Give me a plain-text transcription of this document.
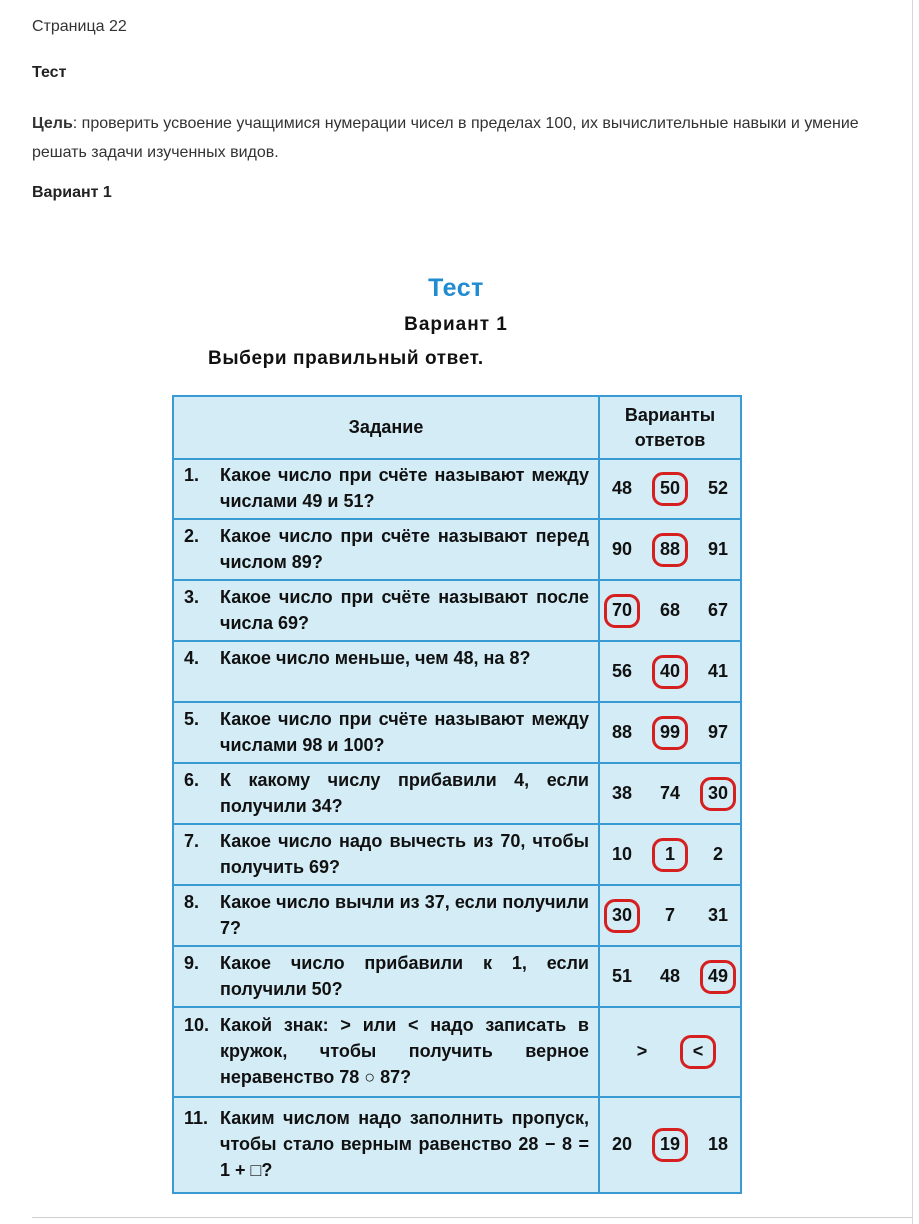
Страница 22
Тест
Цель: проверить усвоение учащимися нумерации чисел в пределах 100, их вычислительные навыки и умение решать задачи изученных видов.
Вариант 1
Тест
Вариант 1
Выбери правильный ответ.
Задание
Варианты
ответов
1. Какое число при счёте называют между числами 49 и 51?
48 50 52
2. Какое число при счёте называют перед числом 89?
90 88 91
3. Какое число при счёте называют после числа 69?
70 68 67
4. Какое число меньше, чем 48, на 8?
56 40 41
5. Какое число при счёте называют между числами 98 и 100?
88 99 97
6. К какому числу прибавили 4, если получили 34?
38 74 30
7. Какое число надо вычесть из 70, чтобы получить 69?
10 1 2
8. Какое число вычли из 37, если получили 7?
30 7 31
9. Какое число прибавили к 1, если получили 50?
51 48 49
10. Какой знак: > или < надо записать в кружок, чтобы получить верное неравенство 78 ○ 87?
>	<
11. Каким числом надо заполнить пропуск, чтобы стало верным равенство 28 − 8 = 1 + □?
20 19 18
